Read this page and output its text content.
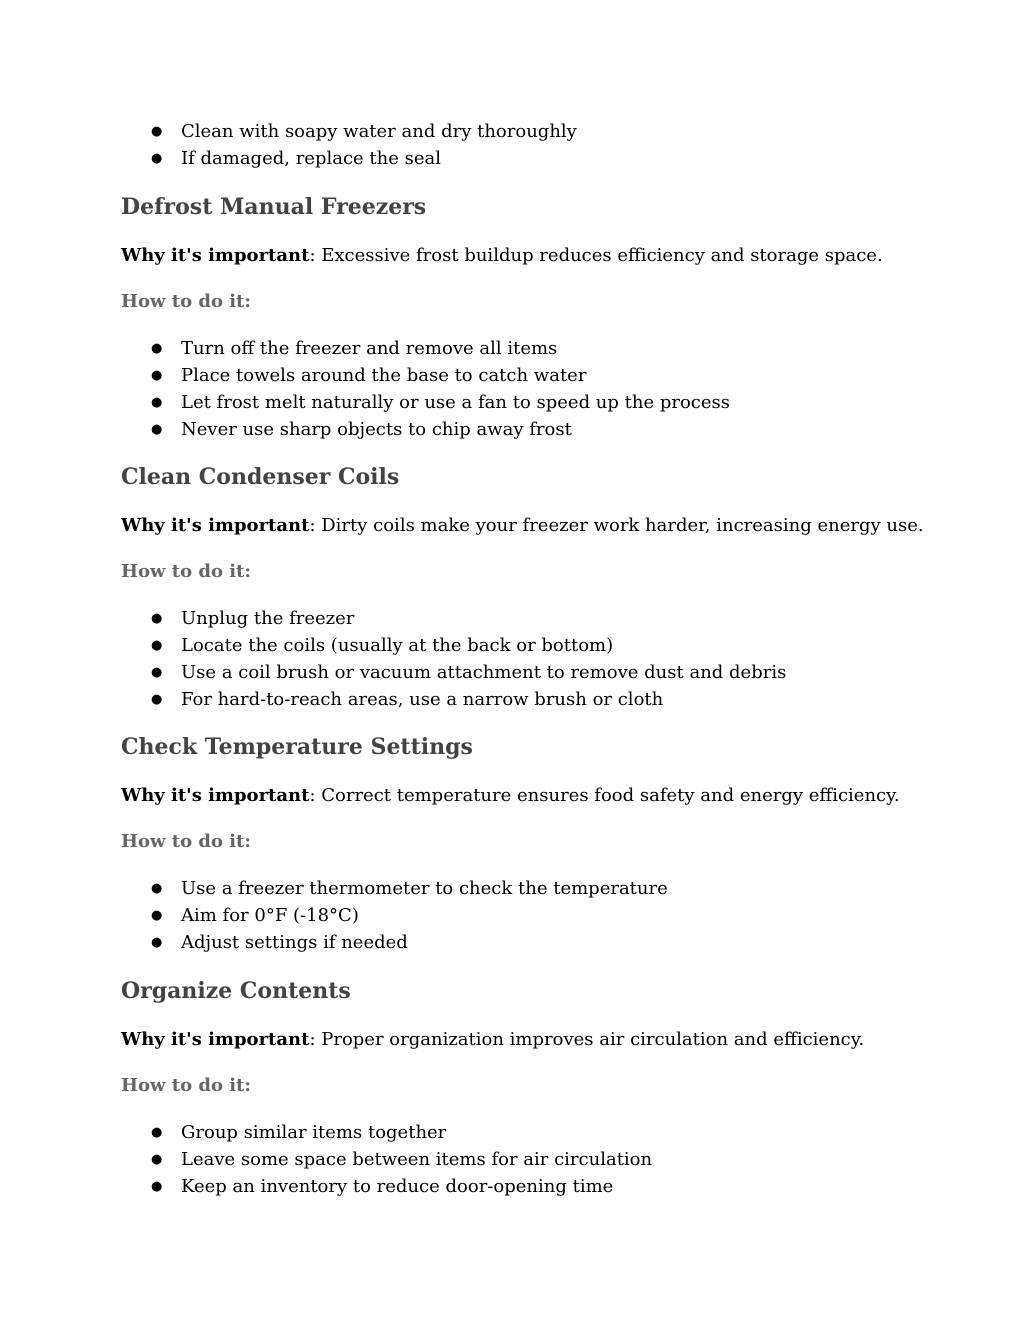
● Clean with soapy water and dry thoroughly
● If damaged, replace the seal
Defrost Manual Freezers

Why it's important: Excessive frost buildup reduces efficiency and storage space.

How to do it:

● Turn off the freezer and remove all items
● Place towels around the base to catch water
● Let frost melt naturally or use a fan to speed up the process
● Never use sharp objects to chip away frost
Clean Condenser Coils

Why it's important: Dirty coils make your freezer work harder, increasing energy use.

How to do it:

● Unplug the freezer
● Locate the coils (usually at the back or bottom)
● Use a coil brush or vacuum attachment to remove dust and debris
● For hard-to-reach areas, use a narrow brush or cloth
Check Temperature Settings

Why it's important: Correct temperature ensures food safety and energy efficiency.

How to do it:

● Use a freezer thermometer to check the temperature
● Aim for 0°F (-18°C)
● Adjust settings if needed
Organize Contents

Why it's important: Proper organization improves air circulation and efficiency.

How to do it:

● Group similar items together
● Leave some space between items for air circulation
● Keep an inventory to reduce door-opening time
